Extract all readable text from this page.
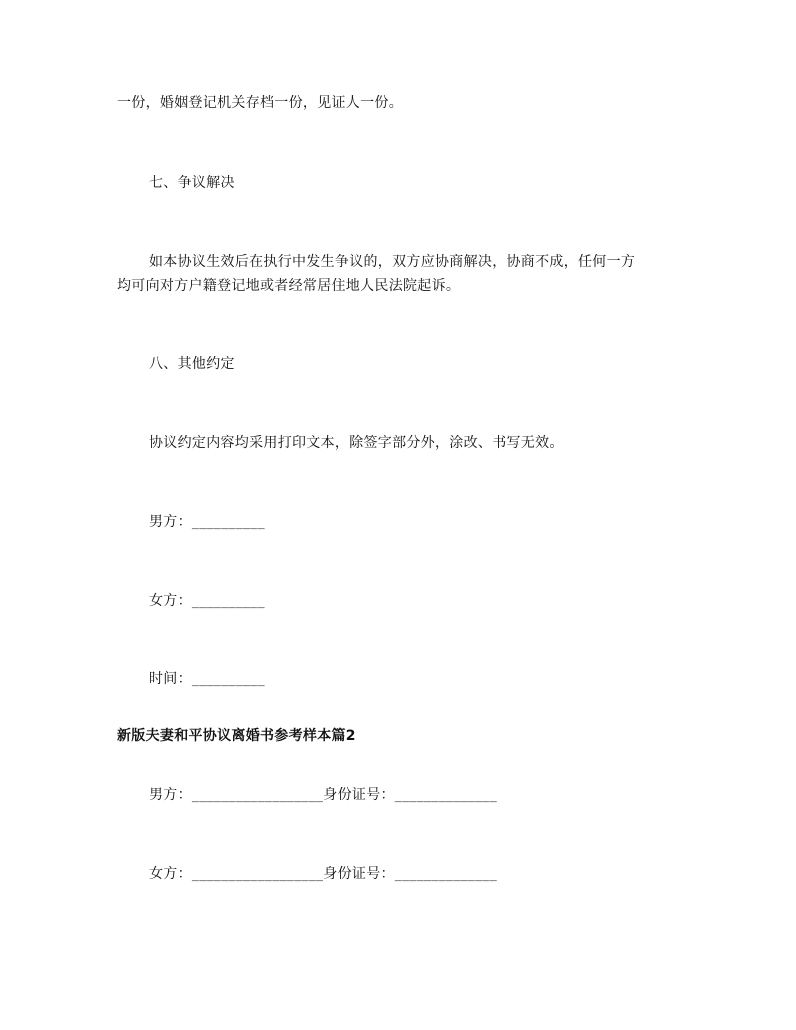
一份，婚姻登记机关存档一份，见证人一份。
七、争议解决
如本协议生效后在执行中发生争议的，双方应协商解决，协商不成，任何一方
均可向对方户籍登记地或者经常居住地人民法院起诉。
八、其他约定
协议约定内容均采用打印文本，除签字部分外，涂改、书写无效。
男方：__________
女方：__________
时间：__________
新版夫妻和平协议离婚书参考样本篇2
男方：__________________身份证号：______________
女方：__________________身份证号：______________
